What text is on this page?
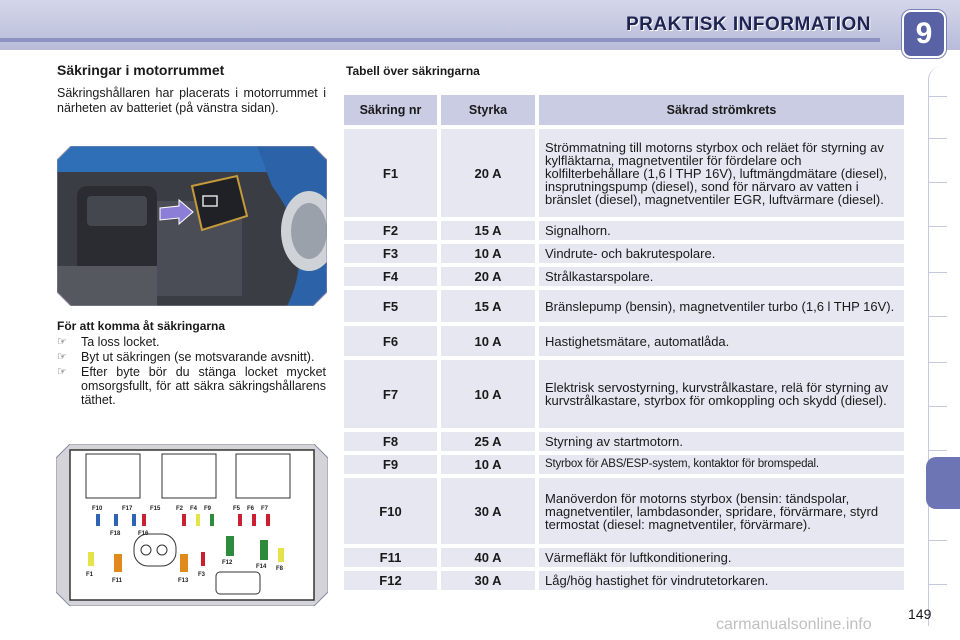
PRAKTISK INFORMATION	9
Säkringar i motorrummet

Säkringshållaren har placerats i motorrummet i närheten av batteriet (på vänstra sidan).

För att komma åt säkringarna
☞ Ta loss locket.
☞ Byt ut säkringen (se motsvarande avsnitt).
☞ Efter byte bör du stänga locket mycket omsorgsfullt, för att säkra säkringshållarens täthet.
F10	F17	F15	F2 F4 F9	F5 F6 F7
F18	F16
F1
F11	F13
F3
F12
F14 F8
Tabell över säkringarna
Säkring nr	Styrka	Säkrad strömkrets
F1	20 A	Strömmatning till motorns styrbox och reläet för styrning av kylfläktarna, magnetventiler för fördelare och kolfilterbehållare (1,6 l THP 16V), luftmängdmätare (diesel), insprutningspump (diesel), sond för närvaro av vatten i bränslet (diesel), magnetventiler EGR, luftvärmare (diesel).
F2	15 A	Signalhorn.
F3	10 A	Vindrute- och bakrutespolare.
F4	20 A	Strålkastarspolare.
F5	15 A	Bränslepump (bensin), magnetventiler turbo (1,6 l THP 16V).
F6	10 A	Hastighetsmätare, automatlåda.
F7	10 A	Elektrisk servostyrning, kurvstrålkastare, relä för styrning av kurvstrålkastare, styrbox för omkoppling och skydd (diesel).
F8	25 A	Styrning av startmotorn.
F9	10 A	Styrbox för ABS/ESP-system, kontaktor för bromspedal.
F10	30 A	Manöverdon för motorns styrbox (bensin: tändspolar, magnetventiler, lambdasonder, spridare, förvärmare, styrd termostat (diesel: magnetventiler, förvärmare).
F11	40 A	Värmefläkt för luftkonditionering.
F12	30 A	Låg/hög hastighet för vindrutetorkaren.
149
carmanualsonline.info
